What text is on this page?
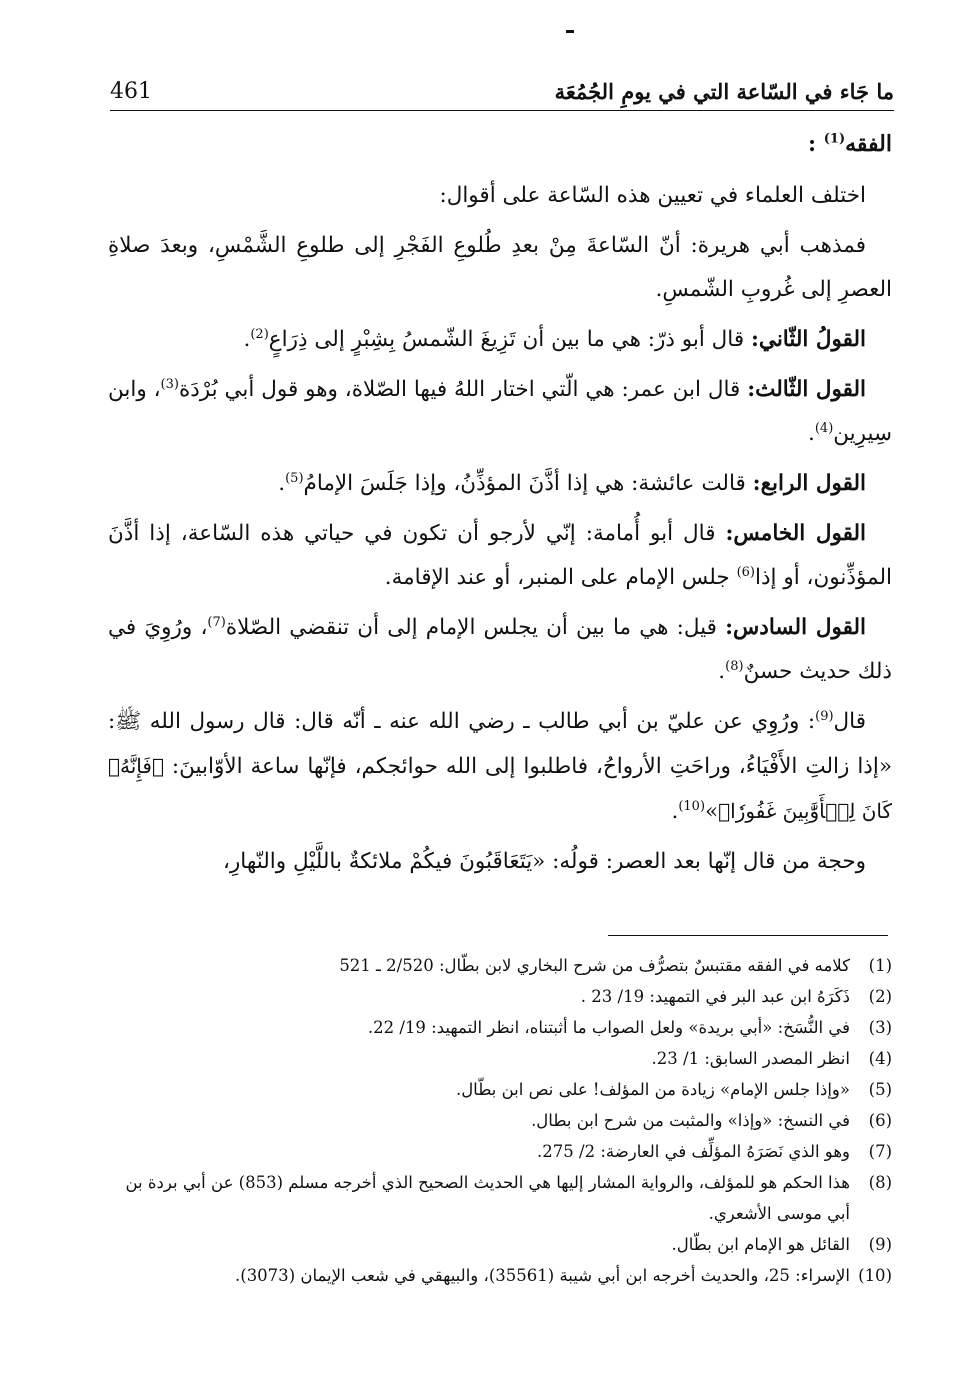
ما جَاء في السّاعة التي في يومِ الجُمُعَة
461

الفقه$^{(1)}$ :

اختلف العلماء في تعيين هذه السّاعة على أقوال:

فمذهب أبي هريرة: أنّ السّاعةَ مِنْ بعدِ طُلوعِ الفَجْرِ إلى طلوعِ الشَّمْسِ، وبعدَ صلاةِ العصرِ إلى غُروبِ الشّمسِ.

القولُ الثّاني: قال أبو ذرّ: هي ما بين أن تَزِيغَ الشّمسُ بِشِبْرٍ إلى ذِرَاعٍ$^{(2)}$.

القول الثّالث: قال ابن عمر: هي الّتي اختار اللهُ فيها الصّلاة، وهو قول أبي بُرْدَة$^{(3)}$، وابن سِيرِين$^{(4)}$.

القول الرابع: قالت عائشة: هي إذا أذَّنَ المؤذِّنُ، وإذا جَلَسَ الإمامُ$^{(5)}$.

القول الخامس: قال أبو أُمامة: إنّي لأرجو أن تكون في حياتي هذه السّاعة، إذا أذَّنَ المؤذِّنون، أو إذا$^{(6)}$ جلس الإمام على المنبر، أو عند الإقامة.

القول السادس: قيل: هي ما بين أن يجلس الإمام إلى أن تنقضي الصّلاة$^{(7)}$، ورُوِيَ في ذلك حديث حسنٌ$^{(8)}$.

قال$^{(9)}$: ورُوِي عن عليّ بن أبي طالب ـ رضي الله عنه ـ أنّه قال: قال رسول الله ﷺ: «إذا زالتِ الأَفْيَاءُ، وراحَتِ الأرواحُ، فاطلبوا إلى الله حوائجكم، فإنّها ساعة الأوّابينَ: ﴿فَإِنَّهُۥ كَانَ لِلۡأَوَّٰبِينَ غَفُورٗا﴾»$^{(10)}$.

وحجة من قال إنّها بعد العصر: قولُه: «يَتَعَاقَبُونَ فيكُمْ ملائكةٌ باللَّيْلِ والنّهارِ،

(1)
كلامه في الفقه مقتبسٌ بتصرُّف من شرح البخاري لابن بطّال: 2/520 ـ 521
(2)
ذَكَرَهُ ابن عبد البر في التمهيد: 19/ 23 .
(3)
في النُّسَخ: «أبي بريدة» ولعل الصواب ما أثبتناه، انظر التمهيد: 19/ 22.
(4)
انظر المصدر السابق: 1/ 23.
(5)
«وإذا جلس الإمام» زيادة من المؤلف! على نص ابن بطّال.
(6)
في النسخ: «وإذا» والمثبت من شرح ابن بطال.
(7)
وهو الذي نَصَرَهُ المؤلِّف في العارضة: 2/ 275.
(8)
هذا الحكم هو للمؤلف، والرواية المشار إليها هي الحديث الصحيح الذي أخرجه مسلم (853) عن أبي بردة بن أبي موسى الأشعري.
(9)
القائل هو الإمام ابن بطّال.
(10)
الإسراء: 25، والحديث أخرجه ابن أبي شيبة (35561)، والبيهقي في شعب الإيمان (3073).
